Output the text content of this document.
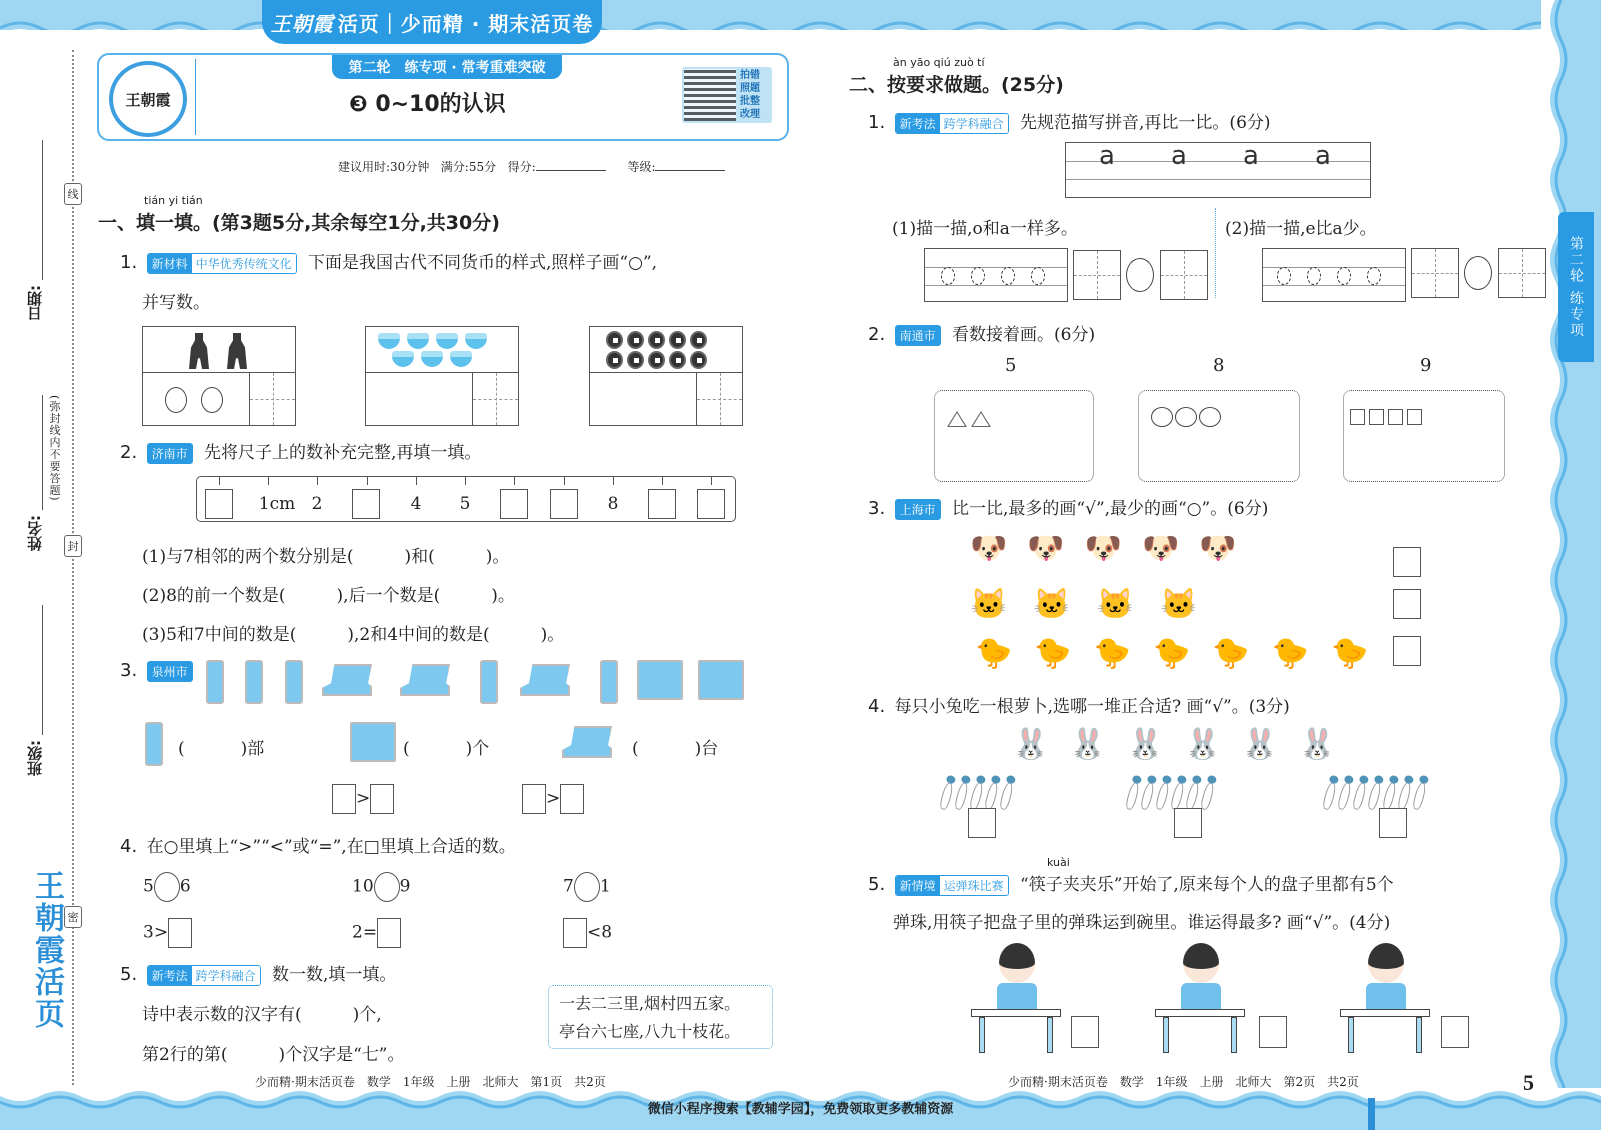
王朝霞 活页｜少而精 · 期末活页卷
第二轮 练专项
线
封
密
日期:
姓名:
(弥封线内不要答题)
班级:
王朝霞活页
王朝霞
第二轮　练专项 · 常考重难突破
❸ 0~10的认识
拍错
照题
批整
改理
建议用时:30分钟 满分:55分 得分:	等级:
tián yi tián
一、填一填。(第3题5分,其余每空1分,共30分)
1.	新材料 中华优秀传统文化 下面是我国古代不同货币的样式,照样子画“○”,
并写数。
2. 济南市 先将尺子上的数补充完整,再填一填。
1cm 2	4	5	8
(1)与7相邻的两个数分别是(　　　)和(　　　)。
(2)8的前一个数是(　　　),后一个数是(　　　)。
(3)5和7中间的数是(　　　),2和4中间的数是(　　　)。
3. 泉州市
(	)部	(	)个	(	)台
>	>
4. 在○里填上“>”“<”或“=”,在□里填上合适的数。
5 6	10 9	7 1
3>	2=	<8
5.	新考法 跨学科融合 数一数,填一填。
诗中表示数的汉字有(　　　)个,
第2行的第(　　　)个汉字是“七”。
一去二三里,烟村四五家。
亭台六七座,八九十枝花。
àn yāo qiú zuò tí
二、按要求做题。(25分)
1.	新考法 跨学科融合 先规范描写拼音,再比一比。(6分)
a a a a
(1)描一描,o和a一样多。	(2)描一描,e比a少。
2. 南通市 看数接着画。(6分)
5	8	9
3. 上海市 比一比,最多的画“√”,最少的画“○”。(6分)
🐶🐶🐶🐶🐶
🐱🐱🐱🐱
🐤🐤🐤🐤🐤🐤🐤
4. 每只小兔吃一根萝卜,选哪一堆正合适? 画“√”。(3分)
🐰🐰🐰🐰🐰🐰
kuài
5.	新情境 运弹珠比赛 “筷子夹夹乐”开始了,原来每个人的盘子里都有5个
弹珠,用筷子把盘子里的弹珠运到碗里。谁运得最多? 画“√”。(4分)
少而精·期末活页卷　数学　1年级　上册　北师大　第1页　共2页	少而精·期末活页卷　数学　1年级　上册　北师大　第2页　共2页	5
微信小程序搜索【教辅学园】，免费领取更多教辅资源
